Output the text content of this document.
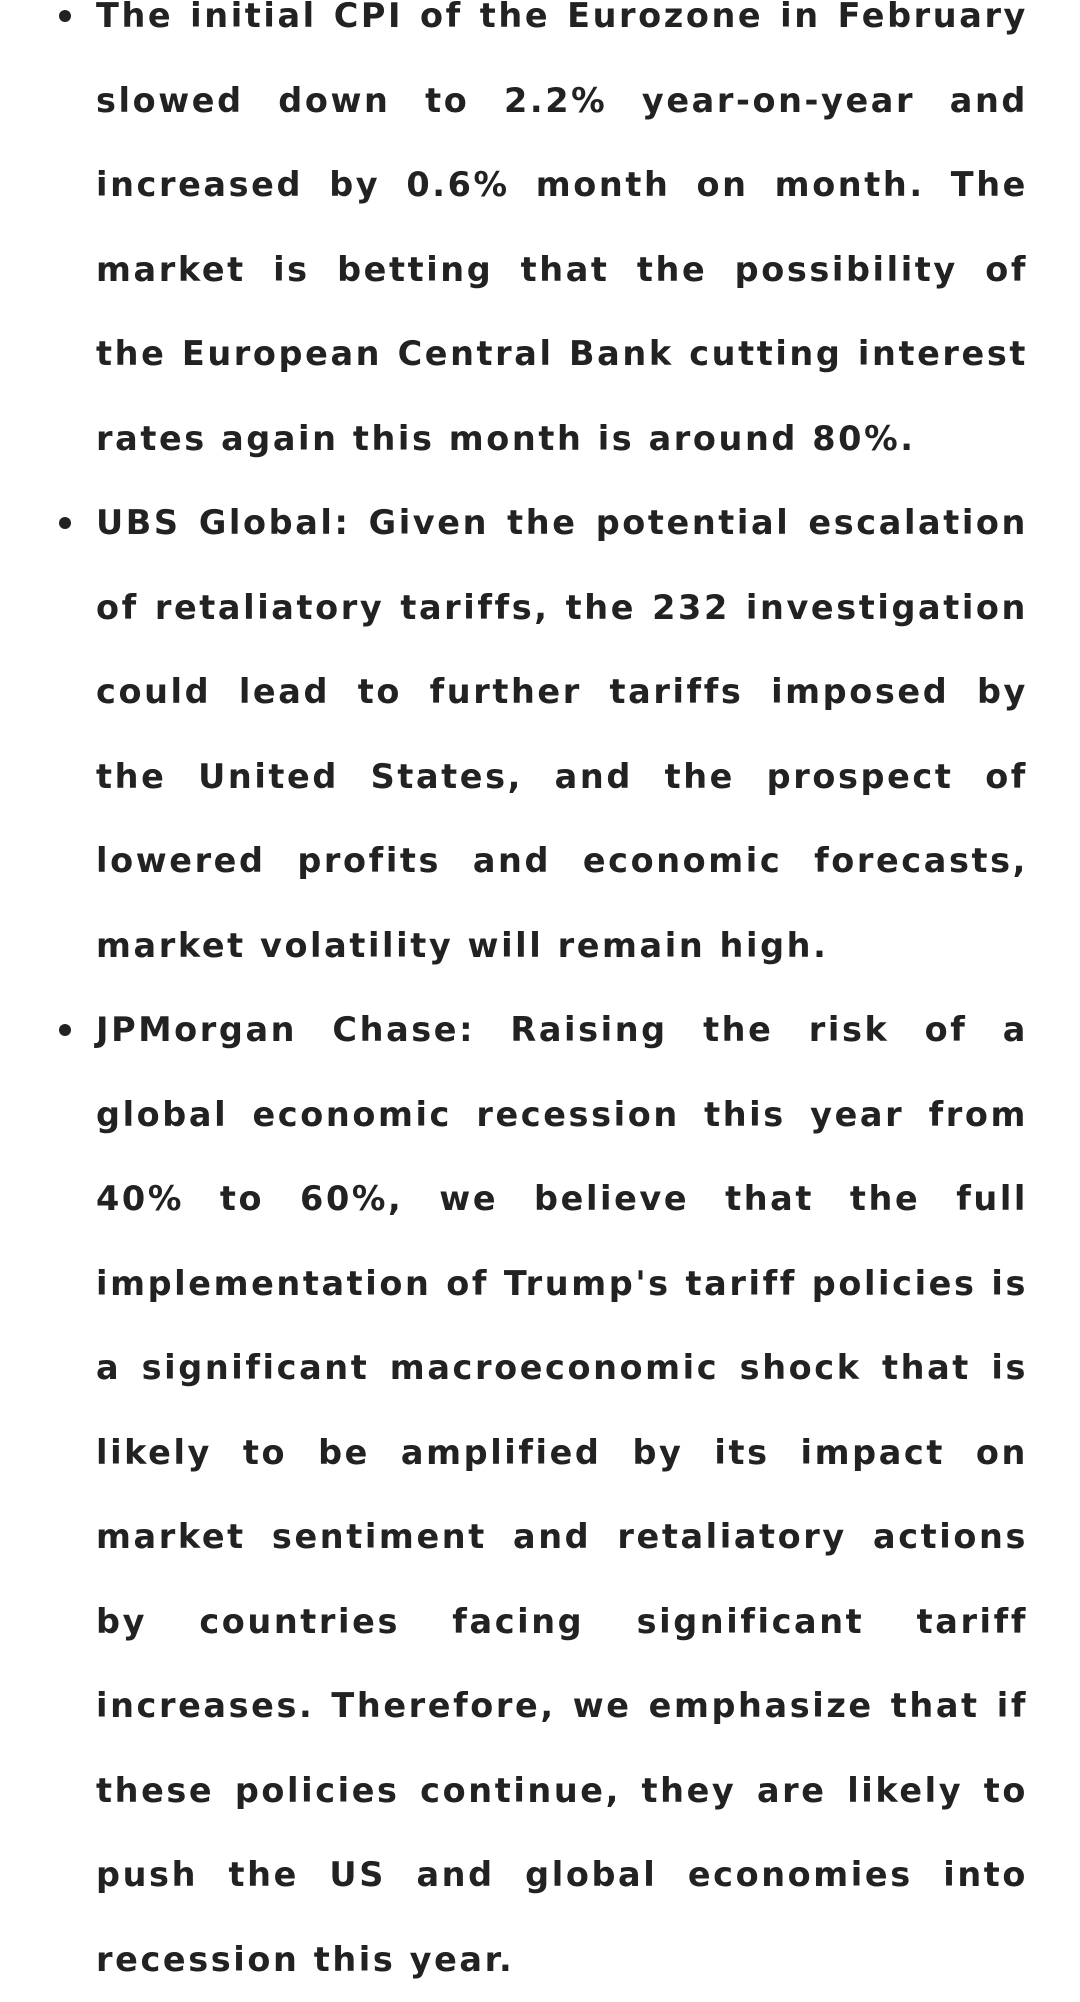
The initial CPI of the Eurozone in February slowed down to 2.2% year-on-year and increased by 0.6% month on month. The market is betting that the possibility of the European Central Bank cutting interest rates again this month is around 80%.
UBS Global: Given the potential escalation of retaliatory tariffs, the 232 investigation could lead to further tariffs imposed by the United States, and the prospect of lowered profits and economic forecasts, market volatility will remain high.
JPMorgan Chase: Raising the risk of a global economic recession this year from 40% to 60%, we believe that the full implementation of Trump's tariff policies is a significant macroeconomic shock that is likely to be amplified by its impact on market sentiment and retaliatory actions by countries facing significant tariff increases. Therefore, we emphasize that if these policies continue, they are likely to push the US and global economies into recession this year.
